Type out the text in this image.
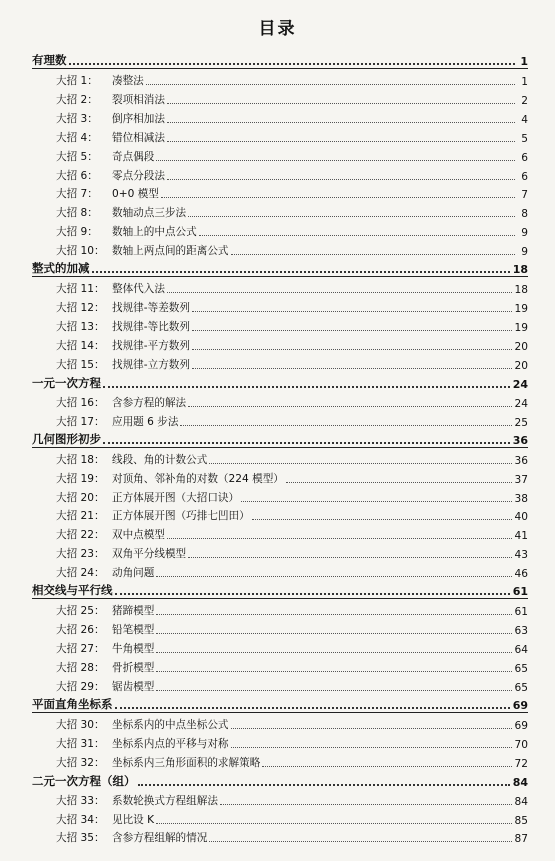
目录
有理数	1
大招 1：	凑整法	1
大招 2：	裂项相消法	2
大招 3：	倒序相加法	4
大招 4：	错位相减法	5
大招 5：	奇点偶段	6
大招 6：	零点分段法	6
大招 7：	0+0 模型	7
大招 8：	数轴动点三步法	8
大招 9：	数轴上的中点公式	9
大招 10： 数轴上两点间的距离公式	9
整式的加减	18
大招 11： 整体代入法	18
大招 12： 找规律-等差数列	19
大招 13： 找规律-等比数列	19
大招 14： 找规律-平方数列	20
大招 15： 找规律-立方数列	20
一元一次方程	24
大招 16： 含参方程的解法	24
大招 17： 应用题 6 步法	25
几何图形初步	36
大招 18： 线段、角的计数公式	36
大招 19： 对顶角、邻补角的对数（224 模型）	37
大招 20： 正方体展开图（大招口诀）	38
大招 21： 正方体展开图（巧排七凹田）	40
大招 22： 双中点模型	41
大招 23： 双角平分线模型	43
大招 24： 动角问题	46
相交线与平行线	61
大招 25： 猪蹄模型	61
大招 26： 铅笔模型	63
大招 27： 牛角模型	64
大招 28： 骨折模型	65
大招 29： 锯齿模型	65
平面直角坐标系	69
大招 30： 坐标系内的中点坐标公式	69
大招 31： 坐标系内点的平移与对称	70
大招 32： 坐标系内三角形面积的求解策略	72
二元一次方程（组）	84
大招 33： 系数轮换式方程组解法	84
大招 34： 见比设 K	85
大招 35： 含参方程组解的情况	87
